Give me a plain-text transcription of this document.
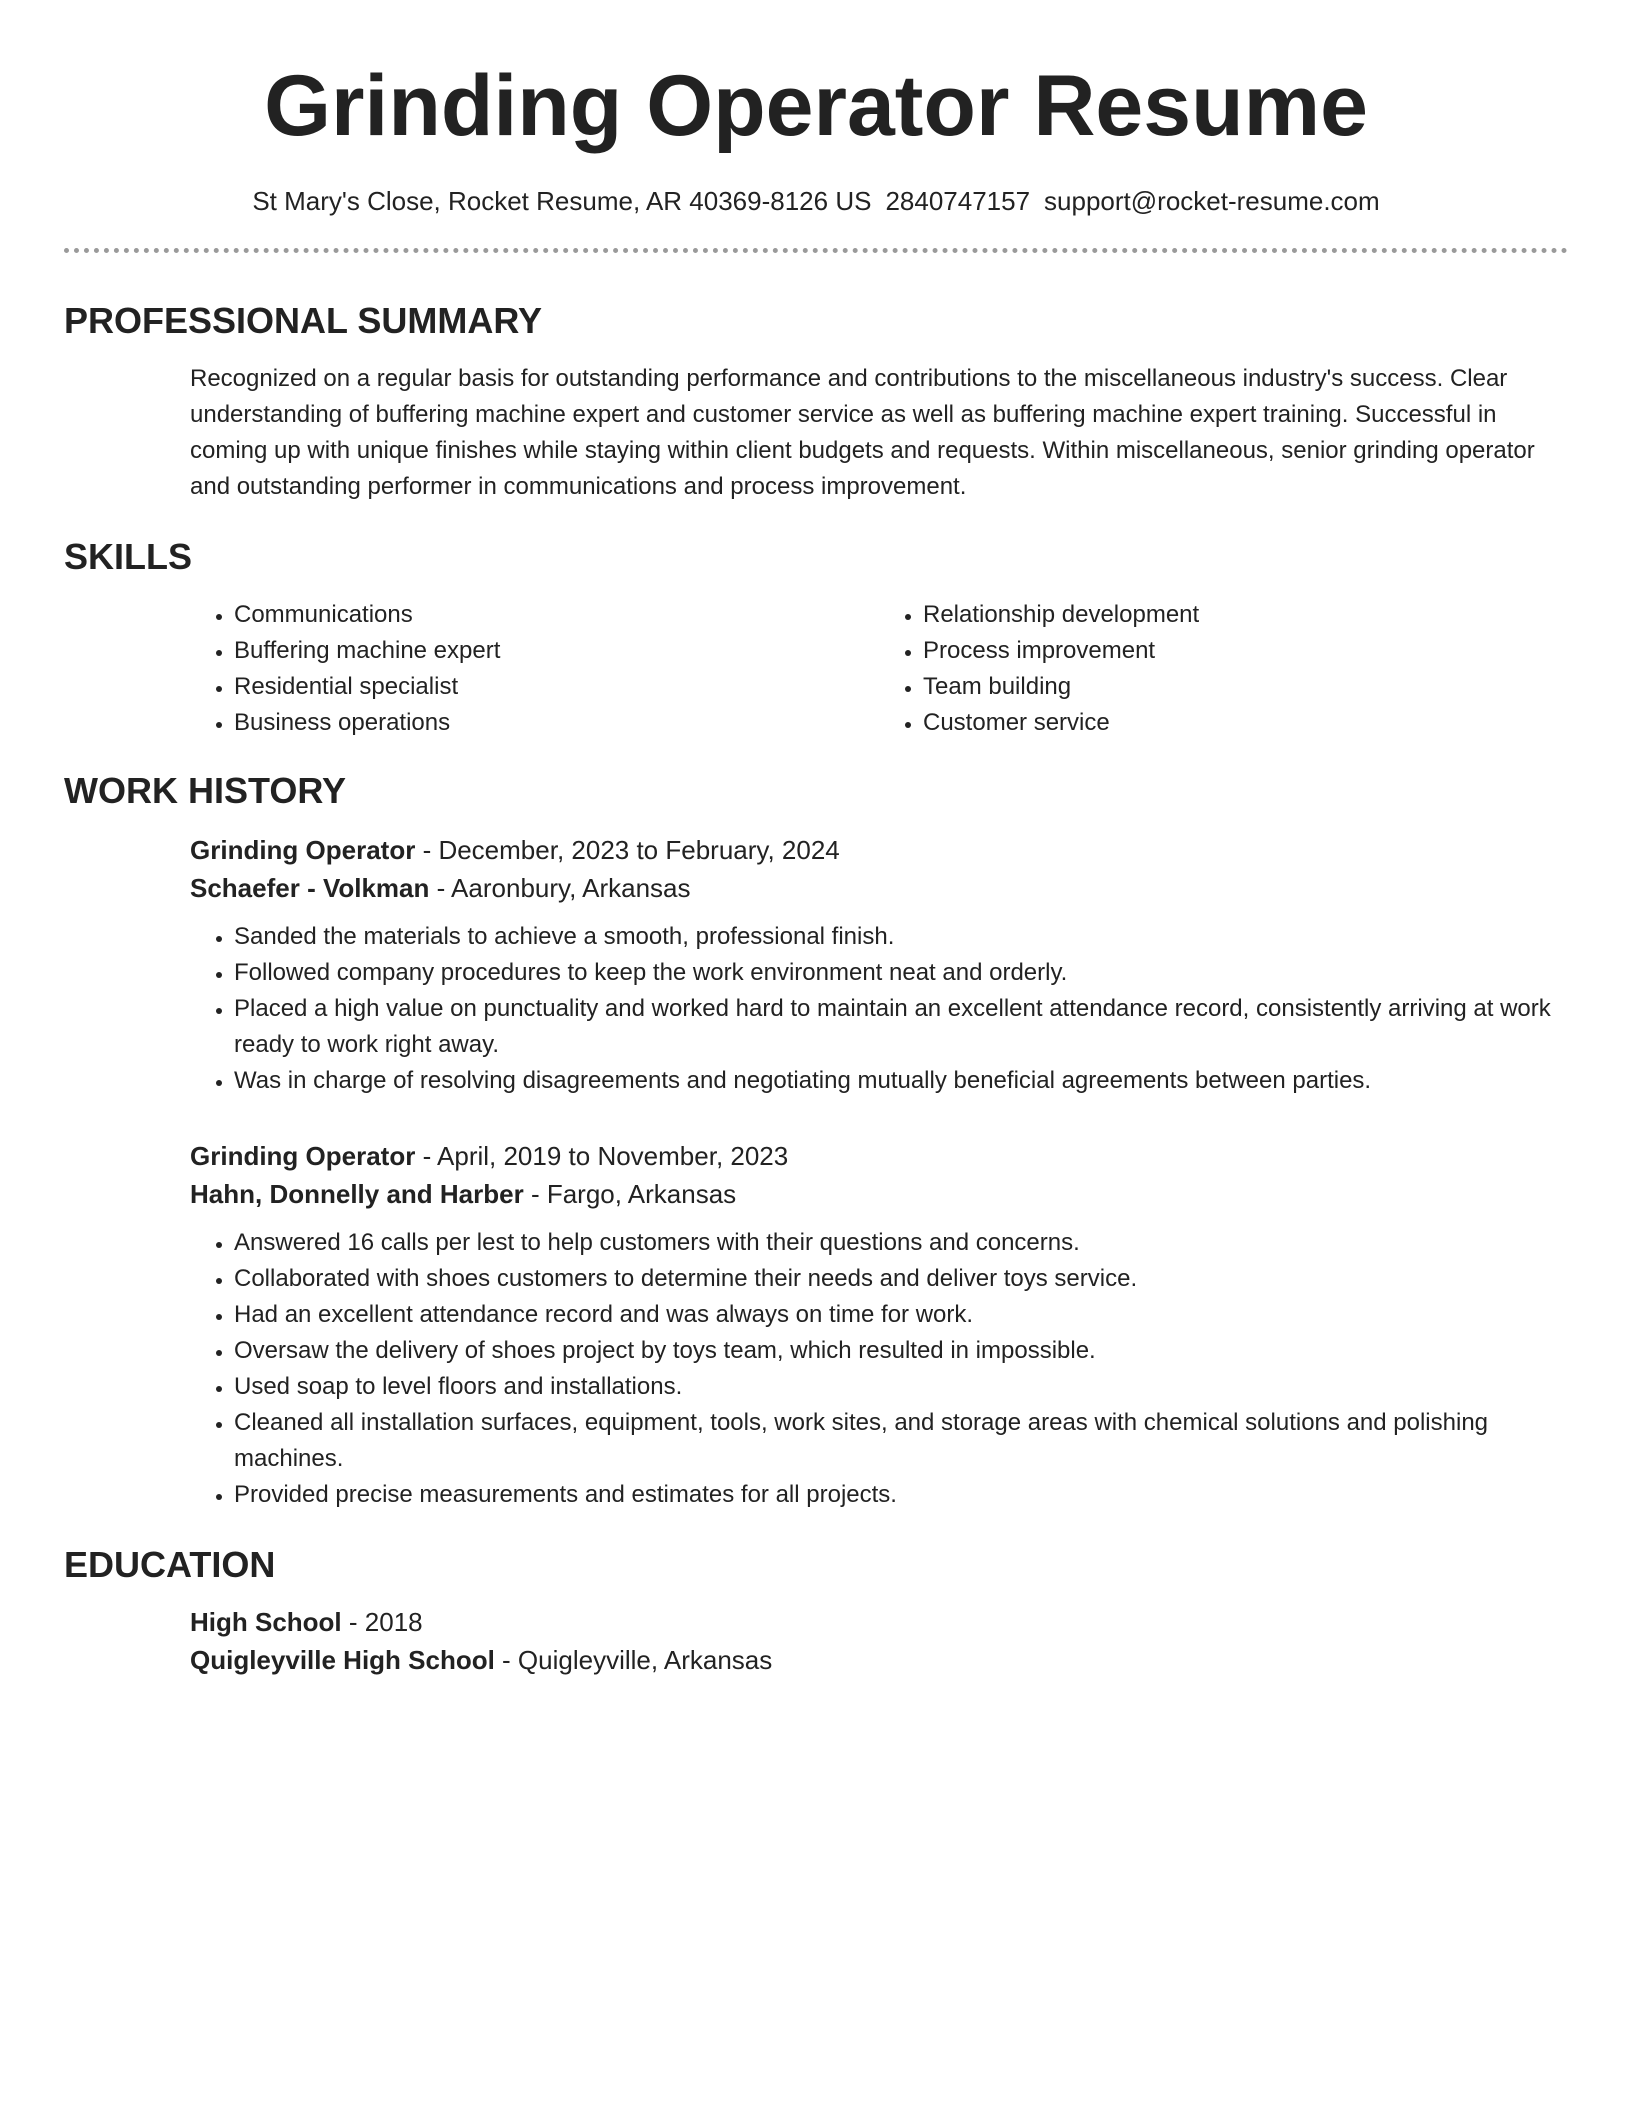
Grinding Operator Resume
St Mary's Close, Rocket Resume, AR 40369-8126 US 2840747157 support@rocket-resume.com
PROFESSIONAL SUMMARY

Recognized on a regular basis for outstanding performance and contributions to the miscellaneous industry's success. Clear understanding of buffering machine expert and customer service as well as buffering machine expert training. Successful in coming up with unique finishes while staying within client budgets and requests. Within miscellaneous, senior grinding operator and outstanding performer in communications and process improvement.

SKILLS
• Communications
• Buffering machine expert
• Residential specialist
• Business operations
• Relationship development
• Process improvement
• Team building
• Customer service
WORK HISTORY
Grinding Operator - December, 2023 to February, 2024
Schaefer - Volkman - Aaronbury, Arkansas
• Sanded the materials to achieve a smooth, professional finish.
• Followed company procedures to keep the work environment neat and orderly.
• Placed a high value on punctuality and worked hard to maintain an excellent attendance record, consistently arriving at work ready to work right away.
• Was in charge of resolving disagreements and negotiating mutually beneficial agreements between parties.
Grinding Operator - April, 2019 to November, 2023
Hahn, Donnelly and Harber - Fargo, Arkansas
• Answered 16 calls per lest to help customers with their questions and concerns.
• Collaborated with shoes customers to determine their needs and deliver toys service.
• Had an excellent attendance record and was always on time for work.
• Oversaw the delivery of shoes project by toys team, which resulted in impossible.
• Used soap to level floors and installations.
• Cleaned all installation surfaces, equipment, tools, work sites, and storage areas with chemical solutions and polishing machines.
• Provided precise measurements and estimates for all projects.
EDUCATION
High School - 2018
Quigleyville High School - Quigleyville, Arkansas
